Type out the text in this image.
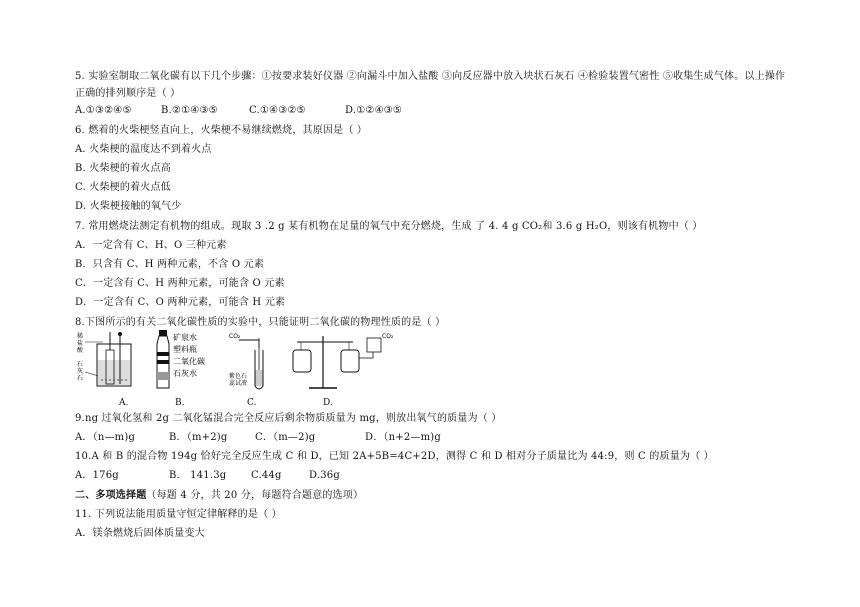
5. 实验室制取二氧化碳有以下几个步骤：①按要求装好仪器 ②向漏斗中加入盐酸 ③向反应器中放入块状石灰石 ④检验装置气密性 ⑤收集生成气体。以上操作
正确的排列顺序是（ ）
A.①③②④⑤	B.②①④③⑤	C.①④③②⑤	D.①②④③⑤
6. 燃着的火柴梗竖直向上，火柴梗不易继续燃烧，其原因是（ ）
A. 火柴梗的温度达不到着火点
B. 火柴梗的着火点高
C. 火柴梗的着火点低
D. 火柴梗接触的氧气少
7. 常用燃烧法测定有机物的组成。现取 3 .2 g 某有机物在足量的氧气中充分燃烧，生成 了 4. 4 g CO₂和 3.6 g H₂O，则该有机物中（ ）
A．一定含有 C、H、O 三种元素
B．只含有 C、H 两种元素，不含 O 元素
C．一定含有 C、H 两种元素，可能含 O 元素
D．一定含有 C、O 两种元素，可能含 H 元素
8.下图所示的有关二氧化碳性质的实验中，只能证明二氧化碳的物理性质的是（ ）
稀
盐
酸
石
灰
石
A.
矿泉水
塑料瓶
二氧化碳
石灰水
B.
CO₂
紫色石
蕊试液
C.
CO₂
D.
9.ng 过氧化氢和 2g 二氧化锰混合完全反应后剩余物质质量为 mg，则放出氧气的质量为（ ）
A．（n—m)g	B．（m+2)g	C．（m—2)g	D．（n+2—m)g
10.A 和 B 的混合物 194g 恰好完全反应生成 C 和 D，已知 2A+5B=4C+2D，测得 C 和 D 相对分子质量比为 44:9，则 C 的质量为（ ）
A．176g	B． 141.3g C.44g	D.36g
二、多项选择题（每题 4 分，共 20 分，每题符合题意的选项）
11. 下列说法能用质量守恒定律解释的是（ ）
A．镁条燃烧后固体质量变大
